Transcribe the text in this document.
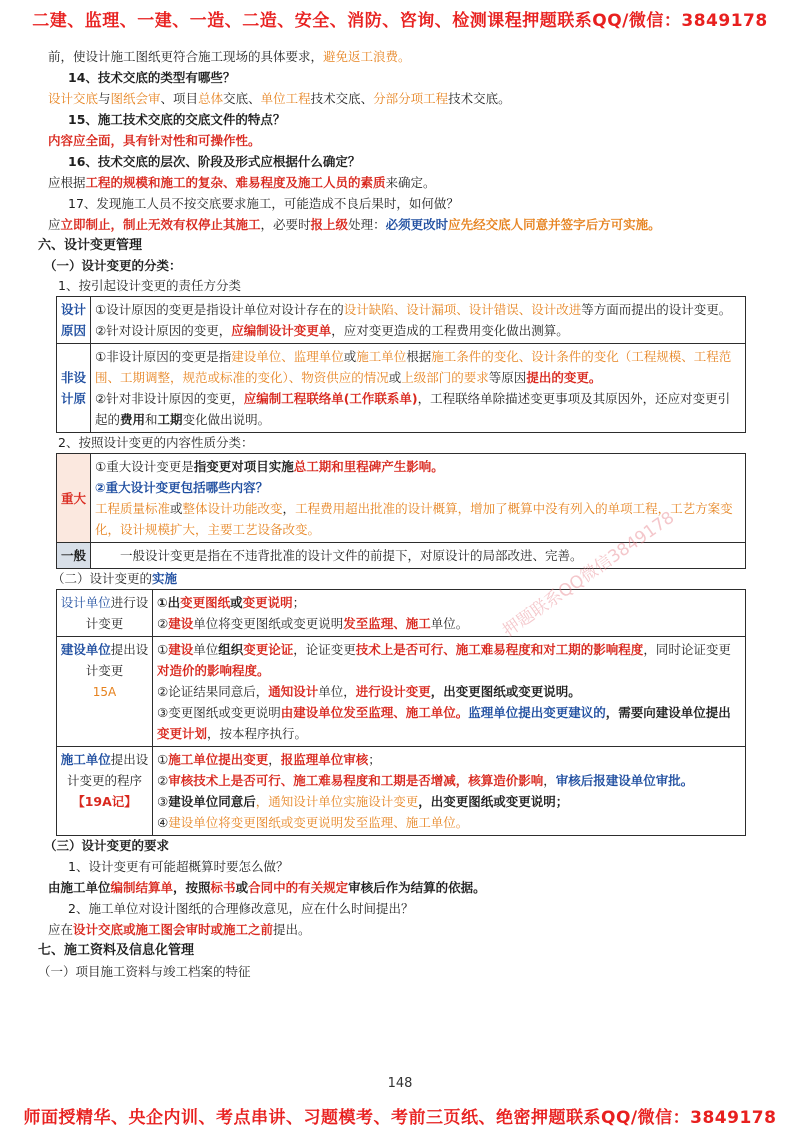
二建、监理、一建、一造、二造、安全、消防、咨询、检测课程押题联系QQ/微信：3849178

前，使设计施工图纸更符合施工现场的具体要求，避免返工浪费。

14、技术交底的类型有哪些？

设计交底与图纸会审、项目总体交底、单位工程技术交底、分部分项工程技术交底。

15、施工技术交底的交底文件的特点？

内容应全面，具有针对性和可操作性。

16、技术交底的层次、阶段及形式应根据什么确定？

应根据工程的规模和施工的复杂、难易程度及施工人员的素质来确定。

17、发现施工人员不按交底要求施工，可能造成不良后果时，如何做？

应立即制止，制止无效有权停止其施工，必要时报上级处理：必须更改时应先经交底人同意并签字后方可实施。

六、设计变更管理
（一）设计变更的分类：

1、按引起设计变更的责任方分类

设计原因	①设计原因的变更是指设计单位对设计存在的设计缺陷、设计漏项、设计错误、设计改进等方面而提出的设计变更。
②针对设计原因的变更，应编制设计变更单，应对变更造成的工程费用变化做出测算。
非设计原	①非设计原因的变更是指建设单位、监理单位或施工单位根据施工条件的变化、设计条件的变化（工程规模、工程范围、工期调整，规范或标准的变化）、物资供应的情况或上级部门的要求等原因提出的变更。
②针对非设计原因的变更，应编制工程联络单(工作联系单)，工程联络单除描述变更事项及其原因外，还应对变更引起的费用和工期变化做出说明。

2、按照设计变更的内容性质分类：

重大	①重大设计变更是指变更对项目实施总工期和里程碑产生影响。
②重大设计变更包括哪些内容？
工程质量标准或整体设计功能改变，工程费用超出批准的设计概算，增加了概算中没有列入的单项工程，工艺方案变化，设计规模扩大，主要工艺设备改变。
一般	一般设计变更是指在不违背批准的设计文件的前提下，对原设计的局部改进、完善。
（二）设计变更的实施
设计单位进行设计变更	①出变更图纸或变更说明；
②建设单位将变更图纸或变更说明发至监理、施工单位。
建设单位提出设计变更
15A	①建设单位组织变更论证，论证变更技术上是否可行、施工难易程度和对工期的影响程度，同时论证变更对造价的影响程度。
②论证结果同意后，通知设计单位，进行设计变更，出变更图纸或变更说明。
③变更图纸或变更说明由建设单位发至监理、施工单位。监理单位提出变更建议的，需要向建设单位提出变更计划，按本程序执行。
施工单位提出设计变更的程序
【19A记】	①施工单位提出变更，报监理单位审核；
②审核技术上是否可行、施工难易程度和工期是否增减，核算造价影响，审核后报建设单位审批。
③建设单位同意后，通知设计单位实施设计变更，出变更图纸或变更说明；
④建设单位将变更图纸或变更说明发至监理、施工单位。
（三）设计变更的要求

1、设计变更有可能超概算时要怎么做？

由施工单位编制结算单，按照标书或合同中的有关规定审核后作为结算的依据。

2、施工单位对设计图纸的合理修改意见，应在什么时间提出？

应在设计交底或施工图会审时或施工之前提出。

七、施工资料及信息化管理

（一）项目施工资料与竣工档案的特征

押题联系QQ微信3849178
148
师面授精华、央企内训、考点串讲、习题模考、考前三页纸、绝密押题联系QQ/微信：3849178
